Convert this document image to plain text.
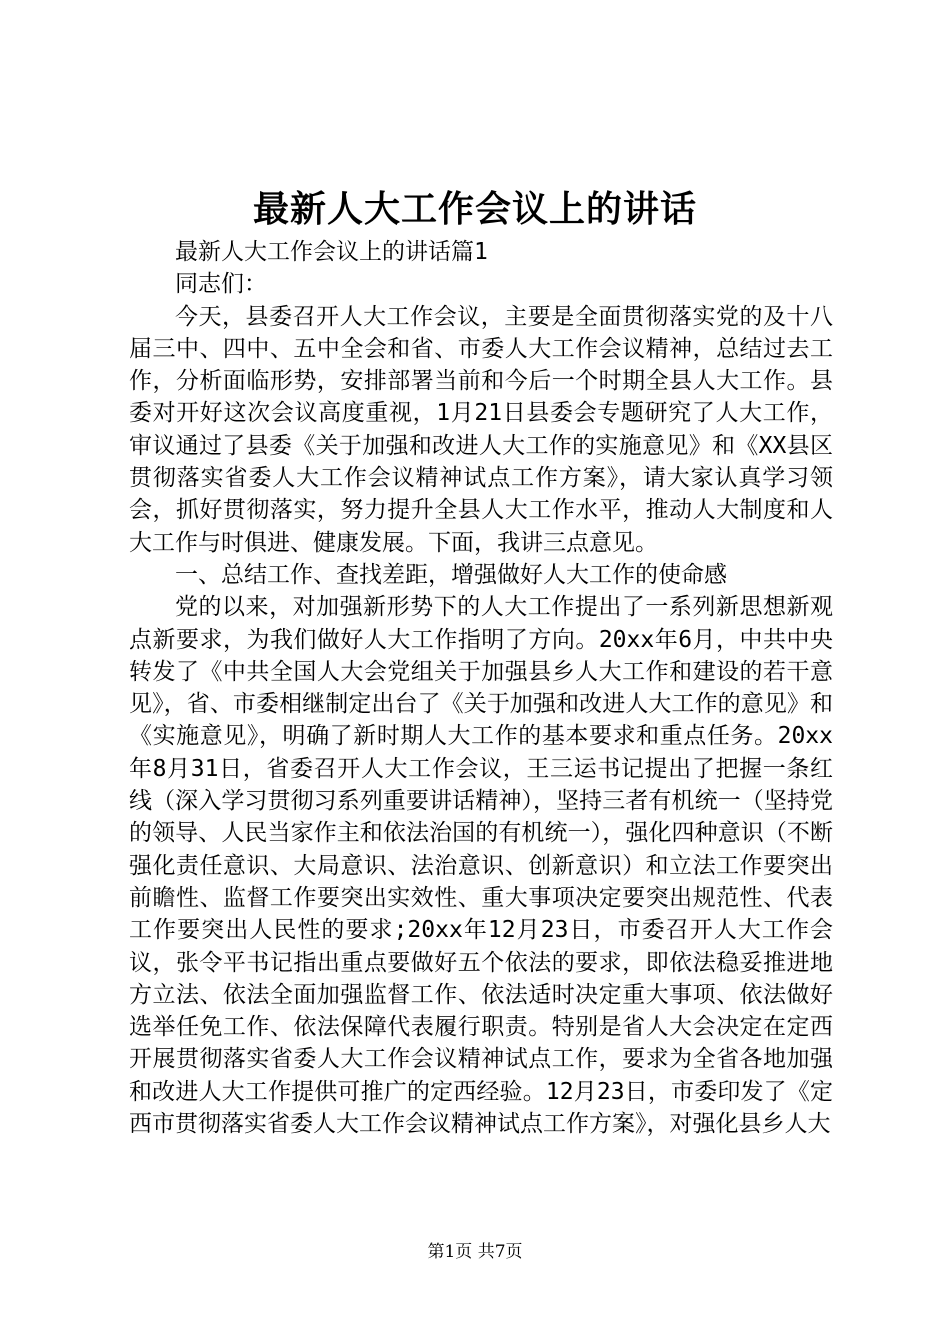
最新人大工作会议上的讲话

最新人大工作会议上的讲话篇1

同志们：

今天，县委召开人大工作会议，主要是全面贯彻落实党的及十八届三中、四中、五中全会和省、市委人大工作会议精神，总结过去工作，分析面临形势，安排部署当前和今后一个时期全县人大工作。县委对开好这次会议高度重视，1月21日县委会专题研究了人大工作，审议通过了县委《关于加强和改进人大工作的实施意见》和《XX县区贯彻落实省委人大工作会议精神试点工作方案》，请大家认真学习领会，抓好贯彻落实，努力提升全县人大工作水平，推动人大制度和人大工作与时俱进、健康发展。下面，我讲三点意见。

一、总结工作、查找差距，增强做好人大工作的使命感

党的以来，对加强新形势下的人大工作提出了一系列新思想新观点新要求，为我们做好人大工作指明了方向。20xx年6月，中共中央转发了《中共全国人大会党组关于加强县乡人大工作和建设的若干意见》，省、市委相继制定出台了《关于加强和改进人大工作的意见》和《实施意见》，明确了新时期人大工作的基本要求和重点任务。20xx年8月31日，省委召开人大工作会议，王三运书记提出了把握一条红线（深入学习贯彻习系列重要讲话精神），坚持三者有机统一（坚持党的领导、人民当家作主和依法治国的有机统一），强化四种意识（不断强化责任意识、大局意识、法治意识、创新意识）和立法工作要突出前瞻性、监督工作要突出实效性、重大事项决定要突出规范性、代表工作要突出人民性的要求;20xx年12月23日，市委召开人大工作会议，张令平书记指出重点要做好五个依法的要求，即依法稳妥推进地方立法、依法全面加强监督工作、依法适时决定重大事项、依法做好选举任免工作、依法保障代表履行职责。特别是省人大会决定在定西开展贯彻落实省委人大工作会议精神试点工作，要求为全省各地加强和改进人大工作提供可推广的定西经验。12月23日，市委印发了《定西市贯彻落实省委人大工作会议精神试点工作方案》，对强化县乡人大

第1页 共7页
